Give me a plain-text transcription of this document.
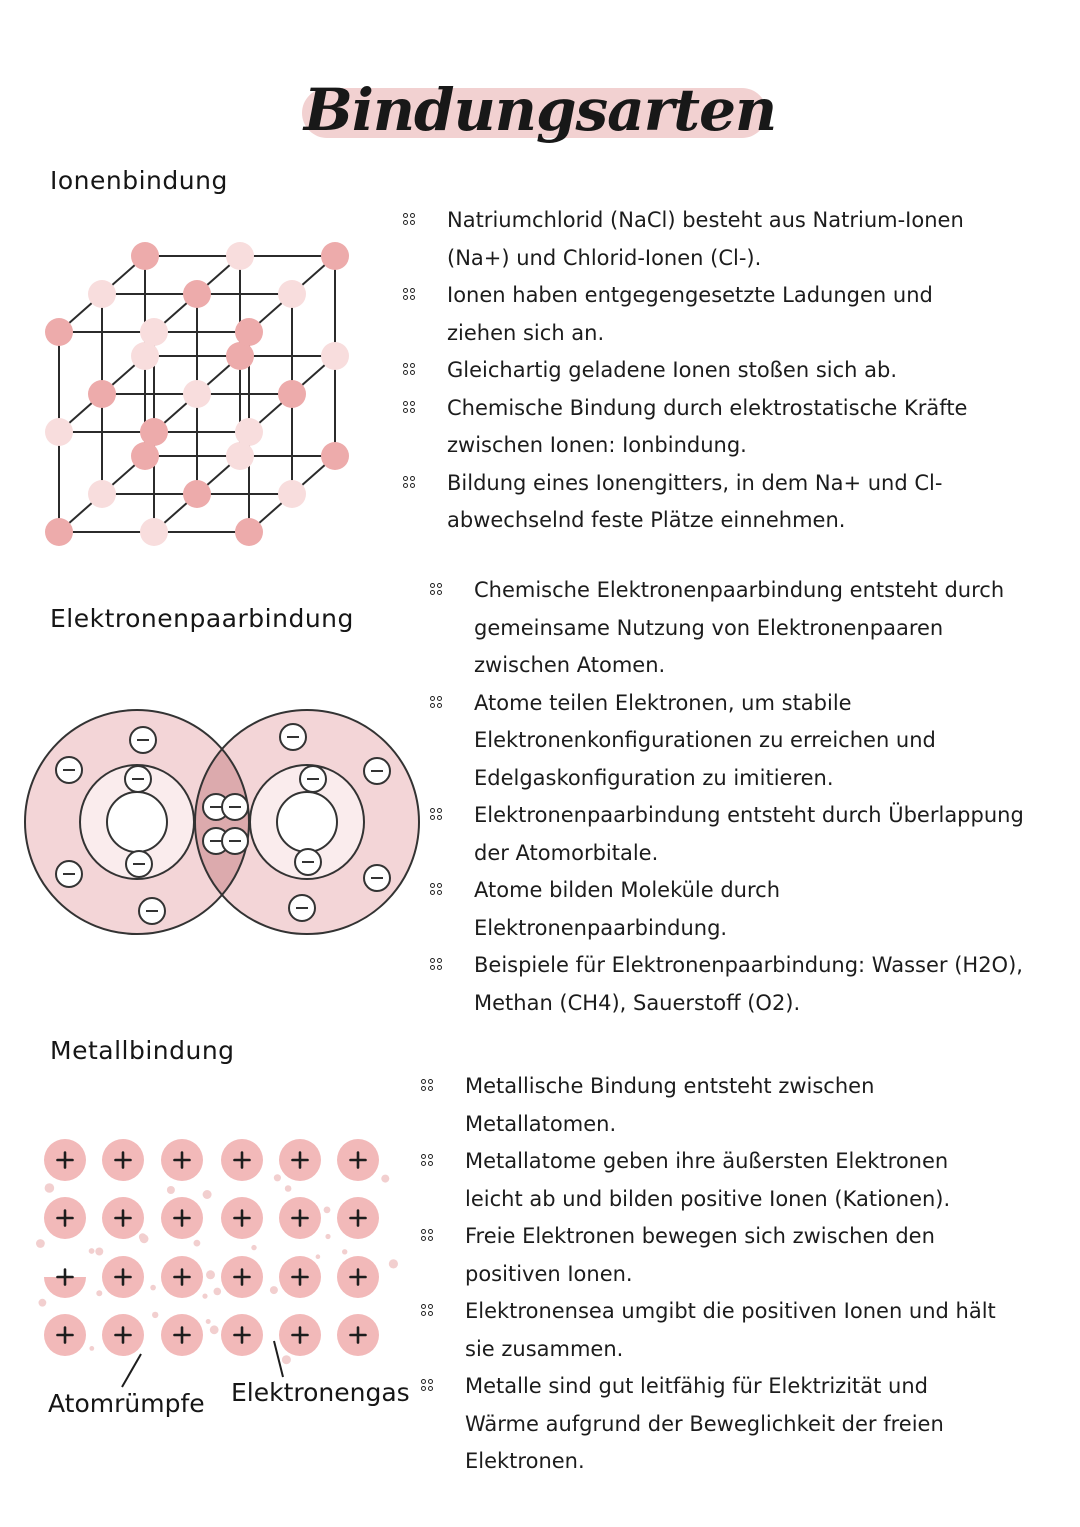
Bindungsarten
Ionenbindung
Elektronenpaarbindung
Metallbindung
Natriumchlorid (NaCl) besteht aus Natrium-Ionen
(Na+) und Chlorid-Ionen (Cl-).
Ionen haben entgegengesetzte Ladungen und
ziehen sich an.
Gleichartig geladene Ionen stoßen sich ab.
Chemische Bindung durch elektrostatische Kräfte
zwischen Ionen: Ionbindung.
Bildung eines Ionengitters, in dem Na+ und Cl-
abwechselnd feste Plätze einnehmen.
Chemische Elektronenpaarbindung entsteht durch
gemeinsame Nutzung von Elektronenpaaren
zwischen Atomen.
Atome teilen Elektronen, um stabile
Elektronenkonfigurationen zu erreichen und
Edelgaskonfiguration zu imitieren.
Elektronenpaarbindung entsteht durch Überlappung
der Atomorbitale.
Atome bilden Moleküle durch
Elektronenpaarbindung.
Beispiele für Elektronenpaarbindung: Wasser (H2O),
Methan (CH4), Sauerstoff (O2).
Metallische Bindung entsteht zwischen
Metallatomen.
Metallatome geben ihre äußersten Elektronen
leicht ab und bilden positive Ionen (Kationen).
Freie Elektronen bewegen sich zwischen den
positiven Ionen.
Elektronensea umgibt die positiven Ionen und hält
sie zusammen.
Metalle sind gut leitfähig für Elektrizität und
Wärme aufgrund der Beweglichkeit der freien
Elektronen.
Atomrümpfe Elektronengas
